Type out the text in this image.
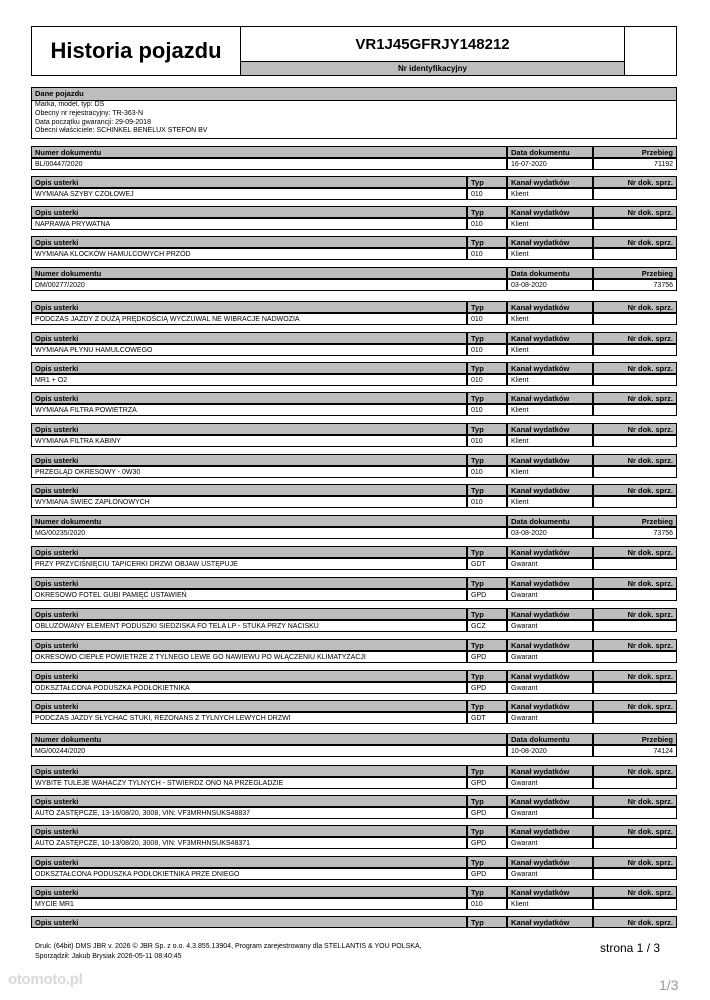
Historia pojazdu	VR1J45GFRJY148212
Nr identyfikacyjny
Dane pojazdu
Marka, model, typ: DS
Obecny nr rejestracyjny: TR-363-N
Data początku gwarancji: 29-09-2018
Obecni właściciele: SCHINKEL BENELUX STEFON BV
Numer dokumentu	Data dokumentu	Przebieg
BL/00447/2020	16-07-2020	71192
Opis usterki	Typ	Kanał wydatków	Nr dok. sprz.
WYMIANA SZYBY CZOŁOWEJ	010	Klient
Opis usterki	Typ	Kanał wydatków	Nr dok. sprz.
NAPRAWA PRYWATNA	010	Klient
Opis usterki	Typ	Kanał wydatków	Nr dok. sprz.
WYMIANA KLOCKÓW HAMULCOWYCH PRZÓD	010	Klient
Numer dokumentu	Data dokumentu	Przebieg
DM/00277/2020	03-08-2020	73756
Opis usterki	Typ	Kanał wydatków	Nr dok. sprz.
PODCZAS JAZDY Z DUŻĄ PRĘDKOŚCIĄ WYCZUWAL NE WIBRACJE NADWOZIA	010	Klient
Opis usterki	Typ	Kanał wydatków	Nr dok. sprz.
WYMIANA PŁYNU HAMULCOWEGO	010	Klient
Opis usterki	Typ	Kanał wydatków	Nr dok. sprz.
MR1 + O2	010	Klient
Opis usterki	Typ	Kanał wydatków	Nr dok. sprz.
WYMIANA FILTRA POWIETRZA	010	Klient
Opis usterki	Typ	Kanał wydatków	Nr dok. sprz.
WYMIANA FILTRA KABINY	010	Klient
Opis usterki	Typ	Kanał wydatków	Nr dok. sprz.
PRZEGLĄD OKRESOWY - 0W30	010	Klient
Opis usterki	Typ	Kanał wydatków	Nr dok. sprz.
WYMIANA ŚWIEC ZAPŁONOWYCH	010	Klient
Numer dokumentu	Data dokumentu	Przebieg
MG/00235/2020	03-08-2020	73756
Opis usterki	Typ	Kanał wydatków	Nr dok. sprz.
PRZY PRZYCIŚNIĘCIU TAPICERKI DRZWI OBJAW USTĘPUJE	GDT	Gwarant
Opis usterki	Typ	Kanał wydatków	Nr dok. sprz.
OKRESOWO FOTEL GUBI PAMIĘĆ USTAWIEŃ	GPD	Gwarant
Opis usterki	Typ	Kanał wydatków	Nr dok. sprz.
OBLUZOWANY ELEMENT PODUSZKI SIEDZISKA FO TELA LP - STUKA PRZY NACISKU	GCZ	Gwarant
Opis usterki	Typ	Kanał wydatków	Nr dok. sprz.
OKRESOWO CIEPŁE POWIETRZE Z TYLNEGO LEWE GO NAWIEWU PO WŁĄCZENIU KLIMATYZACJI	GPD	Gwarant
Opis usterki	Typ	Kanał wydatków	Nr dok. sprz.
ODKSZTAŁCONA PODUSZKA PODŁOKIETNIKA	GPD	Gwarant
Opis usterki	Typ	Kanał wydatków	Nr dok. sprz.
PODCZAS JAZDY SŁYCHAĆ STUKI, REZONANS Z TYLNYCH LEWYCH DRZWI	GDT	Gwarant
Numer dokumentu	Data dokumentu	Przebieg
MG/00244/2020	10-08-2020	74124
Opis usterki	Typ	Kanał wydatków	Nr dok. sprz.
WYBITE TULEJE WAHACZY TYLNYCH - STWIERDZ ONO NA PRZEGLADZIE	GPD	Gwarant
Opis usterki	Typ	Kanał wydatków	Nr dok. sprz.
AUTO ZASTĘPCZE, 13-16/08/20, 3008, VIN: VF3MRHNSUKS48837	GPD	Gwarant
Opis usterki	Typ	Kanał wydatków	Nr dok. sprz.
AUTO ZASTĘPCZE, 10-13/08/20, 3008, VIN: VF3MRHNSUKS48371	GPD	Gwarant
Opis usterki	Typ	Kanał wydatków	Nr dok. sprz.
ODKSZTAŁCONA PODUSZKA PODŁOKIETNIKA PRZE DNIEGO	GPD	Gwarant
Opis usterki	Typ	Kanał wydatków	Nr dok. sprz.
MYCIE MR1	010	Klient
Opis usterki	Typ	Kanał wydatków	Nr dok. sprz.
Druk: (64bit) DMS JBR v. 2026 © JBR Sp. z o.o. 4.3.855.13904, Program zarejestrowany dla STELLANTIS & YOU POLSKA,
Sporządził: Jakub Brysiak 2026-05-11 08:40:45
strona 1 / 3
otomoto.pl	1/3
